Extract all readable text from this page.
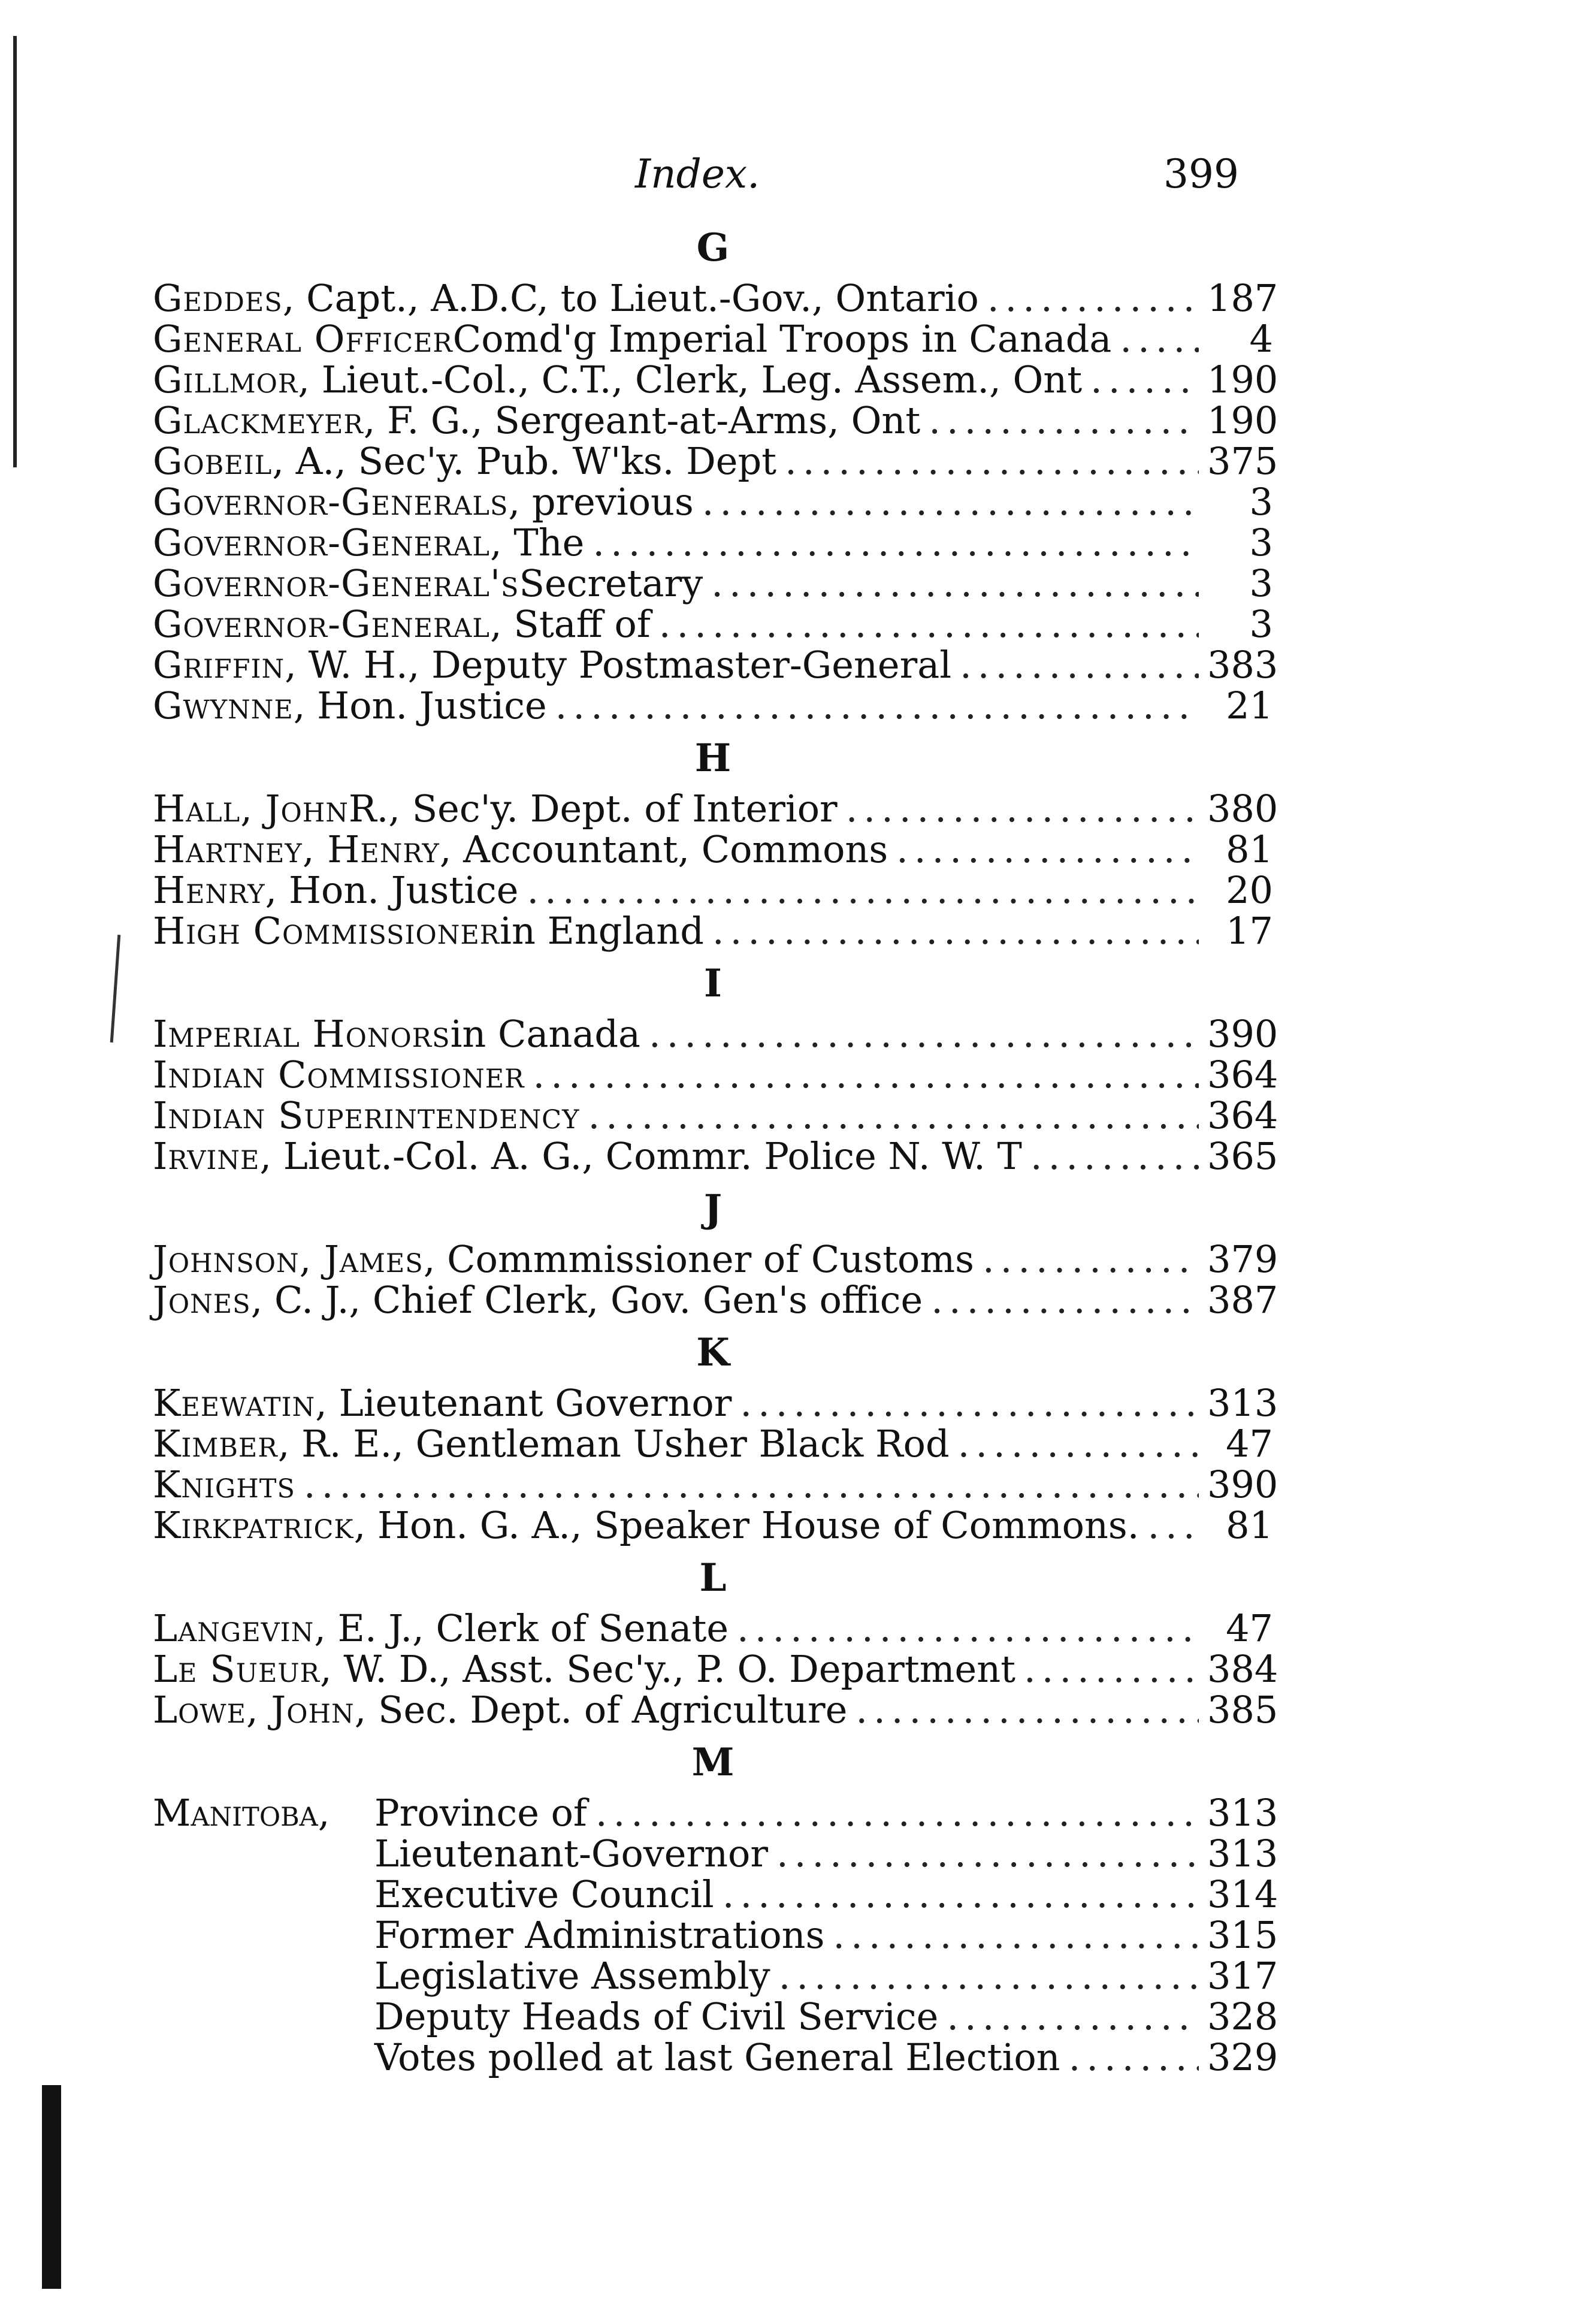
Index.	399
G
Geddes , Capt., A.D.C, to Lieut.-Gov., Ontario .....	187
General Officer Comd'g Imperial Troops in Canada .....	4
Gillmor , Lieut.-Col., C.T., Clerk, Leg. Assem., Ont .....	190
Glackmeyer , F. G., Sergeant-at-Arms, Ont .....	190
Gobeil , A., Sec'y. Pub. W'ks. Dept .....	375
Governor-Generals , previous .....	3
Governor-General , The .....	3
Governor-General's Secretary .....	3
Governor-General , Staff of .....	3
Griffin , W. H., Deputy Postmaster-General .....	383
Gwynne , Hon. Justice .....	21
H
Hall, John R., Sec'y. Dept. of Interior .....	380
Hartney, Henry , Accountant, Commons .....	81
Henry , Hon. Justice .....	20
High Commissioner in England .....	17
I
Imperial Honors in Canada .....	390
Indian Commissioner .....	364
Indian Superintendency .....	364
Irvine , Lieut.-Col. A. G., Commr. Police N. W. T .....	365
J
Johnson, James , Commmissioner of Customs .....	379
Jones , C. J., Chief Clerk, Gov. Gen's office .....	387
K
Keewatin , Lieutenant Governor .....	313
Kimber , R. E., Gentleman Usher Black Rod .....	47
Knights .....	390
Kirkpatrick , Hon. G. A., Speaker House of Commons. .....	81
L
Langevin , E. J., Clerk of Senate .....	47
Le Sueur , W. D., Asst. Sec'y., P. O. Department .....	384
Lowe, John , Sec. Dept. of Agriculture .....	385
M
Manitoba,	Province of .....	313
Lieutenant-Governor .....	313
Executive Council .....	314
Former Administrations .....	315
Legislative Assembly .....	317
Deputy Heads of Civil Service .....	328
Votes polled at last General Election .....	329
